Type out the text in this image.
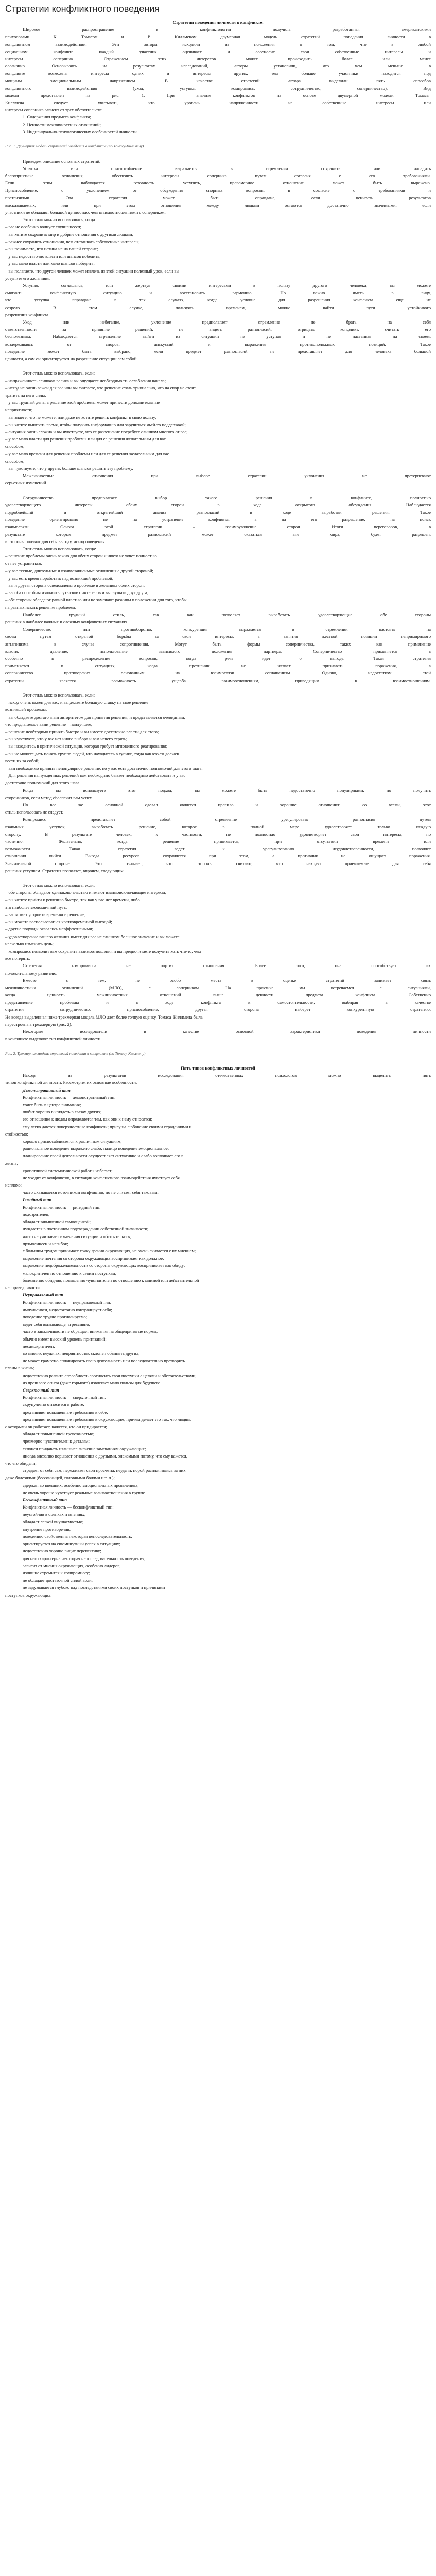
Стратегии конфликтного поведения
Стратегии поведения личности в конфликте.
Широкое распространение в конфликтологии получила разработанная американскими
психологами К. Томасом и Р. Киллменом двумерная модель стратегий поведения личности в
конфликтном взаимодействии. Эти авторы исходили из положения о том, что в любой
социальном конфликте каждый участник оценивает и соотносит свои собственные интересы и
интересы соперника. Отражением этих интересов может происходить более или менее
осознанно. Основываясь на результатах исследований, авторы установили, что чем меньше в
конфликте возможны интересы одних и интересы других, тем больше участники находится под
мощным эмоциональным напряжением. В качестве стратегий автора выделили пять способов
конфликтного взаимодействия (уход, уступка, компромисс, сотрудничество, соперничество). Вид
модели представлен на рис. 1. При анализе конфликтов на основе двумерной модели Томаса–
Киллмена следует учитывать, что уровень напряженности на собственные интересы или
интересы соперника зависит от трех обстоятельств:
1. Содержания предмета конфликта;
2. Ценности межличностных отношений;
3. Индивидуально-психологических особенностей личности.
Рис. 1. Двумерная модель стратегий поведения в конфликте (по Томасу-Киллмену)
Приведем описание основных стратегий.
Уступка или приспособление выражается в стремлении сохранить или наладить
благоприятные отношения, обеспечить интересы соперника путем согласия с его требованиями.
Если этим наблюдается готовность уступить, правомерное отношение может быть выражено.
Приспособление, с уклонением от обсуждения спорных вопросов, в согласие с требованиями и
претензиями. Эта стратегия может быть оправдана, если ценность результатов
высказываемых, или при этом отношения между людьми остаются достаточно значимыми, если
участники не обладают большой ценностью, чем взаимоотношениями с соперником.
Этот стиль можно использовать, когда:
– вас не особенно волнует случившееся;
– вы хотите сохранить мир и добрые отношения с другими людьми;
– важнее сохранить отношения, чем отстаивать собственные интересы;
– вы понимаете, что истина не на вашей стороне;
– у вас недостаточно власти или шансов победить;
– у вас мало власти или мало шансов победить;
– вы полагаете, что другой человек может извлечь из этой ситуации полезный урок, если вы
уступите его желаниям.
Уступая, соглашаясь, или жертвуя своими интересами в пользу другого человека, вы можете
смягчить конфликтную ситуацию и восстановить гармонию. Но важно иметь в виду,
что уступка вправдана в тех случаях, когда условие для разрешения конфликта еще не
созрело. В этом случае, пользуясь временем, можно найти пути устойчивого
разрешения конфликта.
Уход или избегание, уклонение предполагает стремление не брать на себя
ответственности за принятие решений, не видеть разногласий, отрицать конфликт, считать его
бесполезным. Наблюдается стремление выйти из ситуации не уступая и не настаивая на своем,
воздерживаясь от споров, дискуссий и выражения противоположных позиций. Такое
поведение может быть выбрано, если предмет разногласий не представляет для человека большой
ценности, а сам он ориентируется на разрешение ситуации сам собой.
Этот стиль можно использовать, если:
– напряженность слишком велика и вы ощущаете необходимость ослабления накала;
– исход не очень важен для вас или вы считаете, что решение столь тривиально, что на спор не стоит
тратить на него силы;
– у вас трудный день, а решение этой проблемы может принести дополнительные
неприятности;
– вы знаете, что не можете, или даже не хотите решить конфликт в свою пользу;
– вы хотите выиграть время, чтобы получить информацию или заручиться чьей-то поддержкой;
– ситуация очень сложна и вы чувствуете, что ее разрешение потребует слишком многого от вас;
– у вас мало власти для решения проблемы или для ее решения желательным для вас
способом;
– у вас мало времени для решения проблемы или для ее решения желательным для вас
способом;
– вы чувствуете, что у других больше шансов решить эту проблему.
Межличностные отношения при выборе стратегии уклонения не претерпевают
серьезных изменений.
Сотрудничество предполагает выбор такого решения в конфликте, полностью
удовлетворяющего интересы обеих сторон в ходе открытого обсуждения. Наблюдается
подробнейший и открытейший анализ разногласий в ходе выработки решения. Такое
поведение ориентировано не на устранение конфликта, а на его разрешение, на поиск
взаимосвязи. Основа этой стратегии – взаимоуважение сторон. Итоги переговоров, в
результате которых предмет разногласий может оказаться вне мира, будет разрешен,
и стороны получат для себя выгоду, исход поведения.
Этот стиль можно использовать, когда:
– решение проблемы очень важно для обеих сторон и никто не хочет полностью
от нее устраниться;
– у вас тесные, длительные и взаимозависимые отношения с другой стороной;
– у вас есть время поработать над возникшей проблемой;
– вы и другая сторона осведомлены о проблеме и желаниях обеих сторон;
– вы оба способны изложить суть своих интересов и выслушать друг друга;
– обе стороны обладают равной властью или не замечают разницы в положении для того, чтобы
на равных искать решение проблемы.
Наиболее трудный стиль, так как позволяет выработать удовлетворяющие обе стороны
решения в наиболее важных и сложных конфликтных ситуациях.
Соперничество или противоборство, конкуренция выражается в стремлении настоять на
своем путем открытой борьбы за свои интересы, а занятия жесткой позиции непримиримого
антагонизма в случае сопротивления. Могут быть формы соперничества, таких как применение
власти, давление, использование зависимого положения партнера. Соперничество применяется в
особенно в распределение вопросов, когда речь идет о выгоде. Такая стратегия
применяется в ситуациях, когда противник не желает признавать поражения, а
соперничество противоречит основанным на взаимосвязи соглашениям. Однако, недостатком этой
стратегии является возможность ущерба взаимоотношениям, приводящим к взаимоотношениям.
Этот стиль можно использовать, если:
– исход очень важен для вас, и вы делаете большую ставку на свое решение
возникшей проблемы;
– вы обладаете достаточным авторитетом для принятия решения, и представляется очевидным,
что предлагаемое вами решение – наилучшее;
– решение необходимо принять быстро и вы имеете достаточно власти для этого;
– вы чувствуете, что у вас нет иного выбора и вам нечего терять;
– вы находитесь в критической ситуации, которая требует мгновенного реагирования;
– вы не можете дать понять группе людей, что находитесь в тупике, тогда как кто-то должен
вести их за собой;
– вам необходимо принять непопулярное решение, но у вас есть достаточно полномочий для этого шага.
– Для решения вынужденных решений вам необходимо бывает необходимо действовать и у вас
достаточно полномочий для этого шага.
Когда вы используете этот подход, вы можете быть недостаточно популярными, но получить
сторонников, если метод обеспечит вам успех.
Но все же основной сделал является правило и хорошие отношения: со всеми, этот
стиль использовать не следует.
Компромисс представляет собой стремление урегулировать разногласия путем
взаимных уступок, выработать решение, которое в полной мере удовлетворяет только каждую
сторону. В результате человек, к частности, не полностью удовлетворяет свои интересы, но
частично. Желательно, когда решение принимается, при отсутствии времени или
возможности. Такая стратегия ведет к урегулированию неудовлетворенности, позволяет
отношения выйти. Выгода ресурсов сохраняется при этом, а противник не ощущает поражения.
Значительной стороне. Это означает, что стороны считают, что находят приемлемые для себя
решения уступкам. Стратегия позволяет, впрочем, следующим.
Этот стиль можно использовать, если:
– обе стороны обладают одинаково властью и имеют взаимоисключающие интересы;
– вы хотите прийти к решению быстро, так как у вас нет времени, либо
это наиболее экономичный путь;
– вас может устроить временное решение;
– вы можете воспользоваться кратковременной выгодой;
– другие подходы оказались неэффективными;
– удовлетворение вашего желания имеет для вас не слишком большое значение и вы можете
несколько изменить цель;
– компромисс позволит вам сохранить взаимоотношения и вы предпочитаете получить хоть что-то, чем
все потерять.
Стратегия компромисса не портит отношения. Более того, она способствует их
положительному развитию.
Вместе с тем, не особо места в оценке стратегий занимает связь
межличностных отношений (МЛО), с соперником. На практике мы встречаемся с ситуациями,
когда ценность межличностных отношений выше ценности предмета конфликта. Собственно
представление проблемы и в ходе конфликта к самостоятельности, выбирая в качестве
стратегии сотрудничество, приспособление, другая сторона выберет конкурентную стратегию.
Не всегда выделенная ниже трехмерная модель МЛО дает более точную оценку. Томаса–Киллмена была
перестроена в трехмерную (рис. 2).
Некоторые исследователи в качестве основной характеристики поведения личности
в конфликте выделяют тип конфликтной личности.
Рис. 2. Трехмерная модель стратегий поведения в конфликте (по Томасу-Киллмену)
Пять типов конфликтных личностей
Исходя из результатов исследования отечественных психологов можно выделить пять
типов конфликтной личности. Рассмотрим их основные особенности.
Демонстративный тип
Конфликтная личность — демонстративный тип:
хочет быть в центре внимания;
любит хорошо выглядеть в глазах других;
его отношение к людям определяется тем, как они к нему относятся;
ему легко даются поверхностные конфликты; присуща любование своими страданиями и
стойкостью;
хорошо приспосабливается к различным ситуациям;
рациональное поведение выражено слабо; налицо поведение эмоциональное;
планирование своей деятельности осуществляет ситуативно и слабо воплощает его в
жизнь;
кропотливой систематической работы избегает;
не уходит от конфликтов, в ситуации конфликтного взаимодействия чувствует себя
неплохо;
часто оказывается источником конфликтов, но не считает себя таковым.
Ригидный тип
Конфликтная личность — ригидный тип:
подозрителен;
обладает завышенной самооценкой;
нуждается в постоянном подтверждении собственной значимости;
часто не учитывает изменения ситуации и обстоятельств;
прямолинеен и негибок;
с большим трудом принимает точку зрения окружающих, не очень считается с их мнением;
выражение почтения со стороны окружающих воспринимает как должное;
выражение недоброжелательности со стороны окружающих воспринимает как обиду;
малокритичен по отношению к своим поступкам;
болезненно обидчив, повышенно чувствителен по отношению к мнимой или действительной
несправедливости.
Неуправляемый тип
Конфликтная личность — неуправляемый тип:
импульсивен, недостаточно контролирует себя;
поведение трудно прогнозируемо;
ведет себя вызывающе, агрессивно;
часто в запальчивости не обращает внимания на общепринятые нормы;
обычно имеет высокий уровень притязаний;
несамокритичен;
во многих неудачах, неприятностях склонен обвинять других;
не может грамотно спланировать свою деятельность или последовательно претворить
планы в жизнь;
недостаточно развита способность соотносить свои поступки с целями и обстоятельствами;
из прошлого опыта (даже горького) извлекает мало пользы для будущего.
Сверхточный тип
Конфликтная личность — сверхточный тип:
скрупулезно относится к работе;
предъявляет повышенные требования к себе;
предъявляет повышенные требования к окружающим, причем делает это так, что людям,
с которыми он работает, кажется, что он придирается;
обладает повышенной тревожностью;
чрезмерно чувствителен к деталям;
склонен придавать излишнее значение замечаниям окружающих;
иногда внезапно порывает отношения с друзьями, знакомыми потому, что ему кажется,
что его обидели;
страдает от себя сам, переживает свои просчеты, неудачи, порой расплачиваясь за них
даже болезнями (бессонницей, головными болями и т. п.);
сдержан во внешних, особенно эмоциональных проявлениях;
не очень хорошо чувствует реальные взаимоотношения в группе.
Бесконфликтный тип
Конфликтная личность — бесконфликтный тип:
неустойчив в оценках и мнениях;
обладает легкой внушаемостью;
внутренне противоречив;
поведению свойственна некоторая непоследовательность;
ориентируется на сиюминутный успех в ситуациях;
недостаточно хорошо видит перспективу;
для него характерна некоторая непоследовательность поведения;
зависит от мнения окружающих, особенно лидеров;
излишне стремится к компромиссу;
не обладает достаточной силой воли;
не задумывается глубоко над последствиями своих поступков и причинами
поступков окружающих.
